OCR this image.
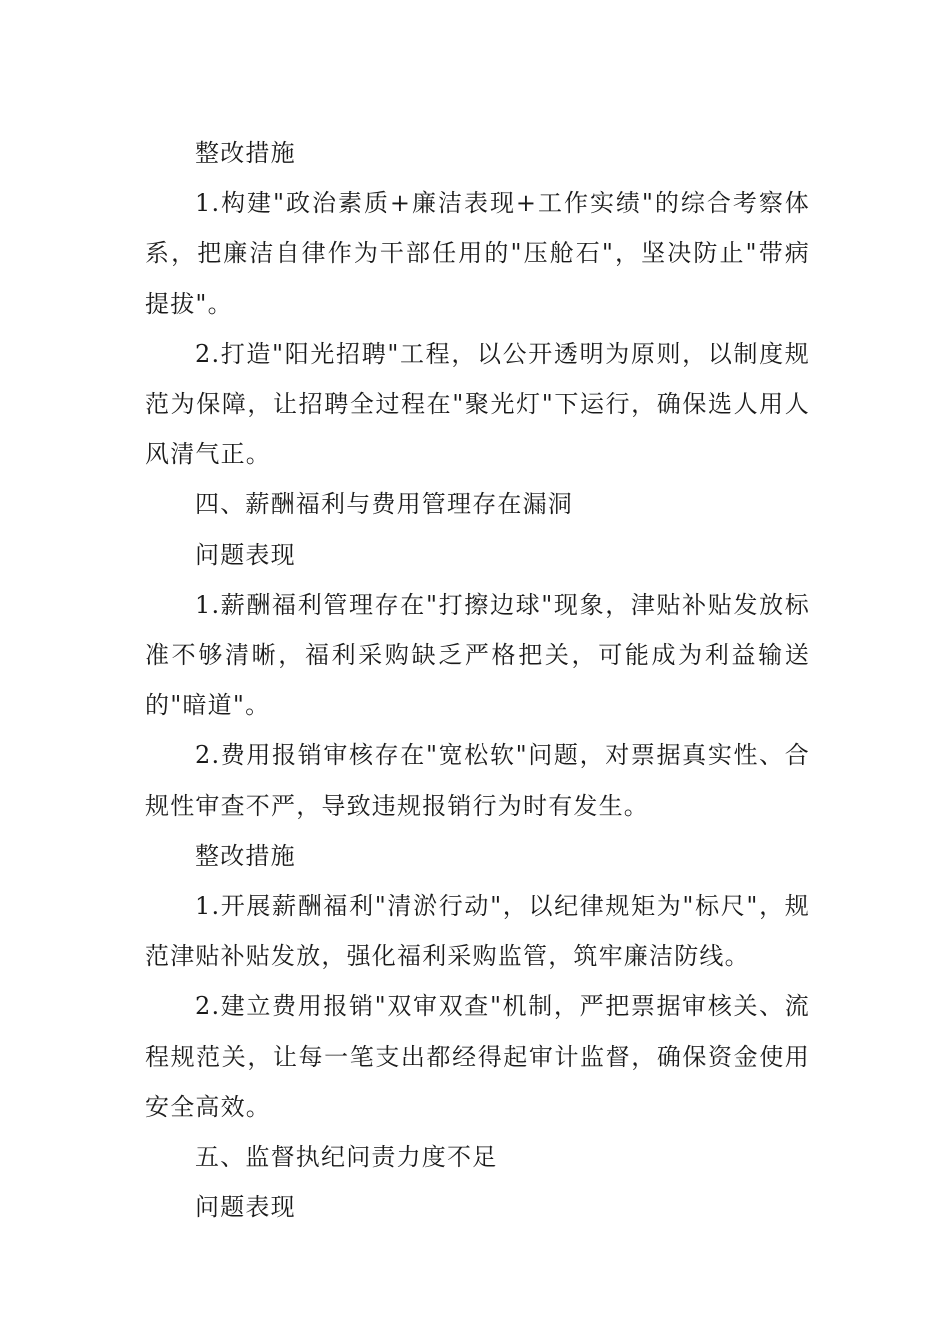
整改措施

1.构建"政治素质+廉洁表现+工作实绩"的综合考察体系，把廉洁自律作为干部任用的"压舱石"，坚决防止"带病提拔"。

2.打造"阳光招聘"工程，以公开透明为原则，以制度规范为保障，让招聘全过程在"聚光灯"下运行，确保选人用人风清气正。

四、薪酬福利与费用管理存在漏洞

问题表现

1.薪酬福利管理存在"打擦边球"现象，津贴补贴发放标准不够清晰，福利采购缺乏严格把关，可能成为利益输送的"暗道"。

2.费用报销审核存在"宽松软"问题，对票据真实性、合规性审查不严，导致违规报销行为时有发生。

整改措施

1.开展薪酬福利"清淤行动"，以纪律规矩为"标尺"，规范津贴补贴发放，强化福利采购监管，筑牢廉洁防线。

2.建立费用报销"双审双查"机制，严把票据审核关、流程规范关，让每一笔支出都经得起审计监督，确保资金使用安全高效。

五、监督执纪问责力度不足

问题表现
